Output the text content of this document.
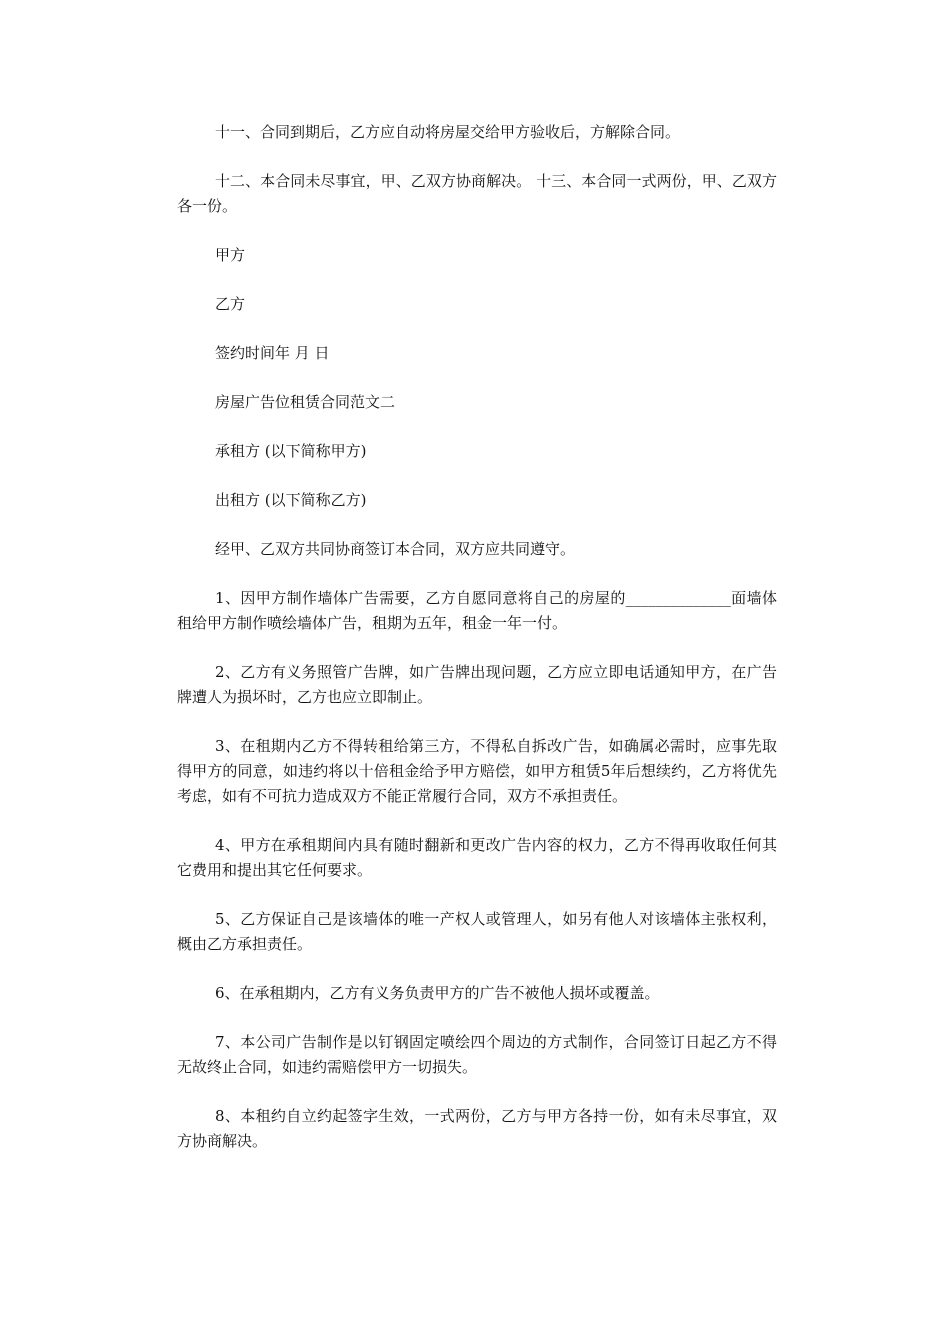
十一、合同到期后，乙方应自动将房屋交给甲方验收后，方解除合同。

十二、本合同未尽事宜，甲、乙双方协商解决。 十三、本合同一式两份，甲、乙双方各一份。

甲方

乙方

签约时间年 月 日

房屋广告位租赁合同范文二

承租方 (以下简称甲方)

出租方 (以下简称乙方)

经甲、乙双方共同协商签订本合同，双方应共同遵守。

1、因甲方制作墙体广告需要，乙方自愿同意将自己的房屋的______________面墙体租给甲方制作喷绘墙体广告，租期为五年，租金一年一付。

2、乙方有义务照管广告牌，如广告牌出现问题，乙方应立即电话通知甲方，在广告牌遭人为损坏时，乙方也应立即制止。

3、在租期内乙方不得转租给第三方，不得私自拆改广告，如确属必需时，应事先取得甲方的同意，如违约将以十倍租金给予甲方赔偿，如甲方租赁5年后想续约，乙方将优先考虑，如有不可抗力造成双方不能正常履行合同，双方不承担责任。

4、甲方在承租期间内具有随时翻新和更改广告内容的权力，乙方不得再收取任何其它费用和提出其它任何要求。

5、乙方保证自己是该墙体的唯一产权人或管理人，如另有他人对该墙体主张权利，概由乙方承担责任。

6、在承租期内，乙方有义务负责甲方的广告不被他人损坏或覆盖。

7、本公司广告制作是以钉钢固定喷绘四个周边的方式制作，合同签订日起乙方不得无故终止合同，如违约需赔偿甲方一切损失。

8、本租约自立约起签字生效，一式两份，乙方与甲方各持一份，如有未尽事宜，双方协商解决。
